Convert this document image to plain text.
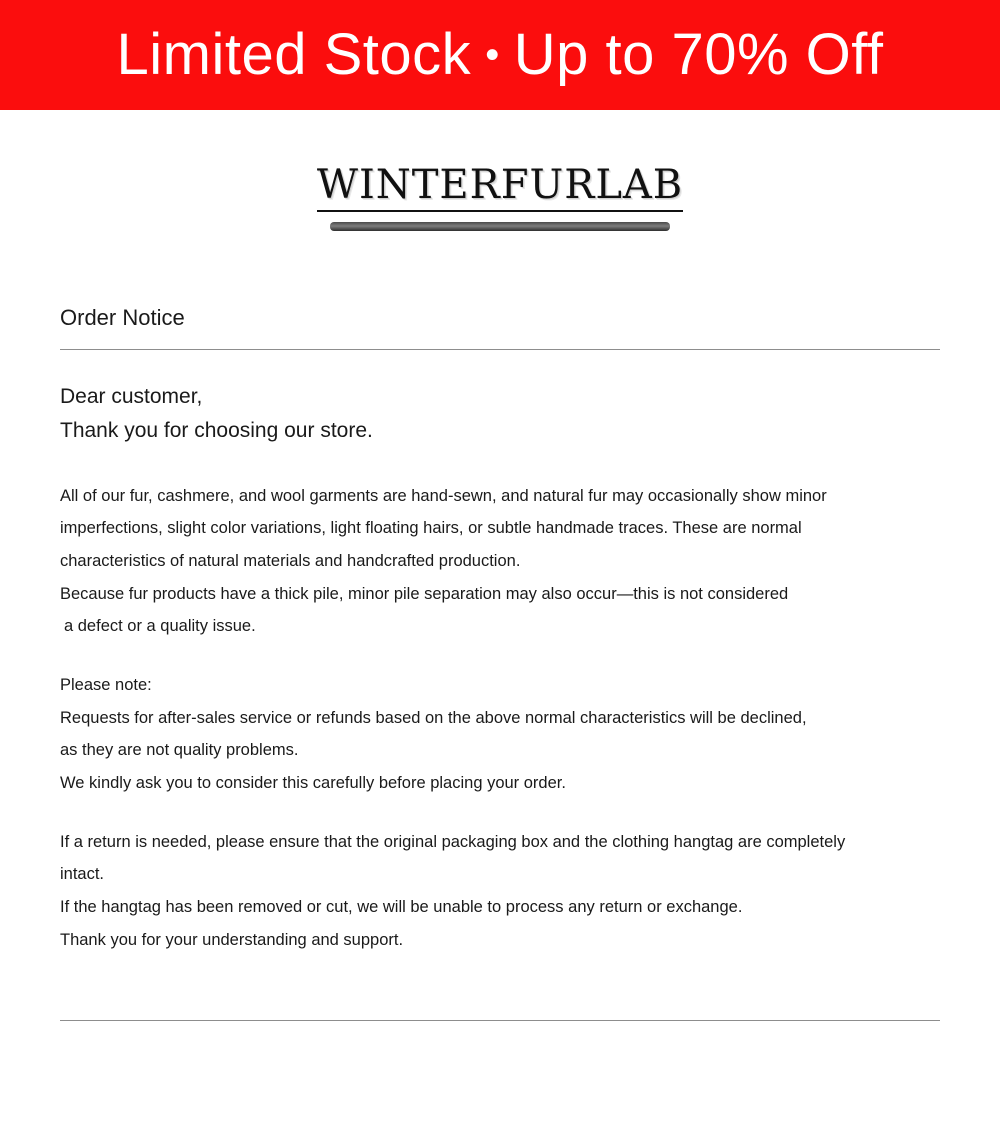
Limited Stock • Up to 70% Off
WINTERFURLAB
Order Notice

Dear customer,

Thank you for choosing our store.

All of our fur, cashmere, and wool garments are hand-sewn, and natural fur may occasionally show minor

imperfections, slight color variations, light floating hairs, or subtle handmade traces. These are normal

characteristics of natural materials and handcrafted production.

Because fur products have a thick pile, minor pile separation may also occur—this is not considered

a defect or a quality issue.

Please note:

Requests for after-sales service or refunds based on the above normal characteristics will be declined,

as they are not quality problems.

We kindly ask you to consider this carefully before placing your order.

If a return is needed, please ensure that the original packaging box and the clothing hangtag are completely

intact.

If the hangtag has been removed or cut, we will be unable to process any return or exchange.

Thank you for your understanding and support.
